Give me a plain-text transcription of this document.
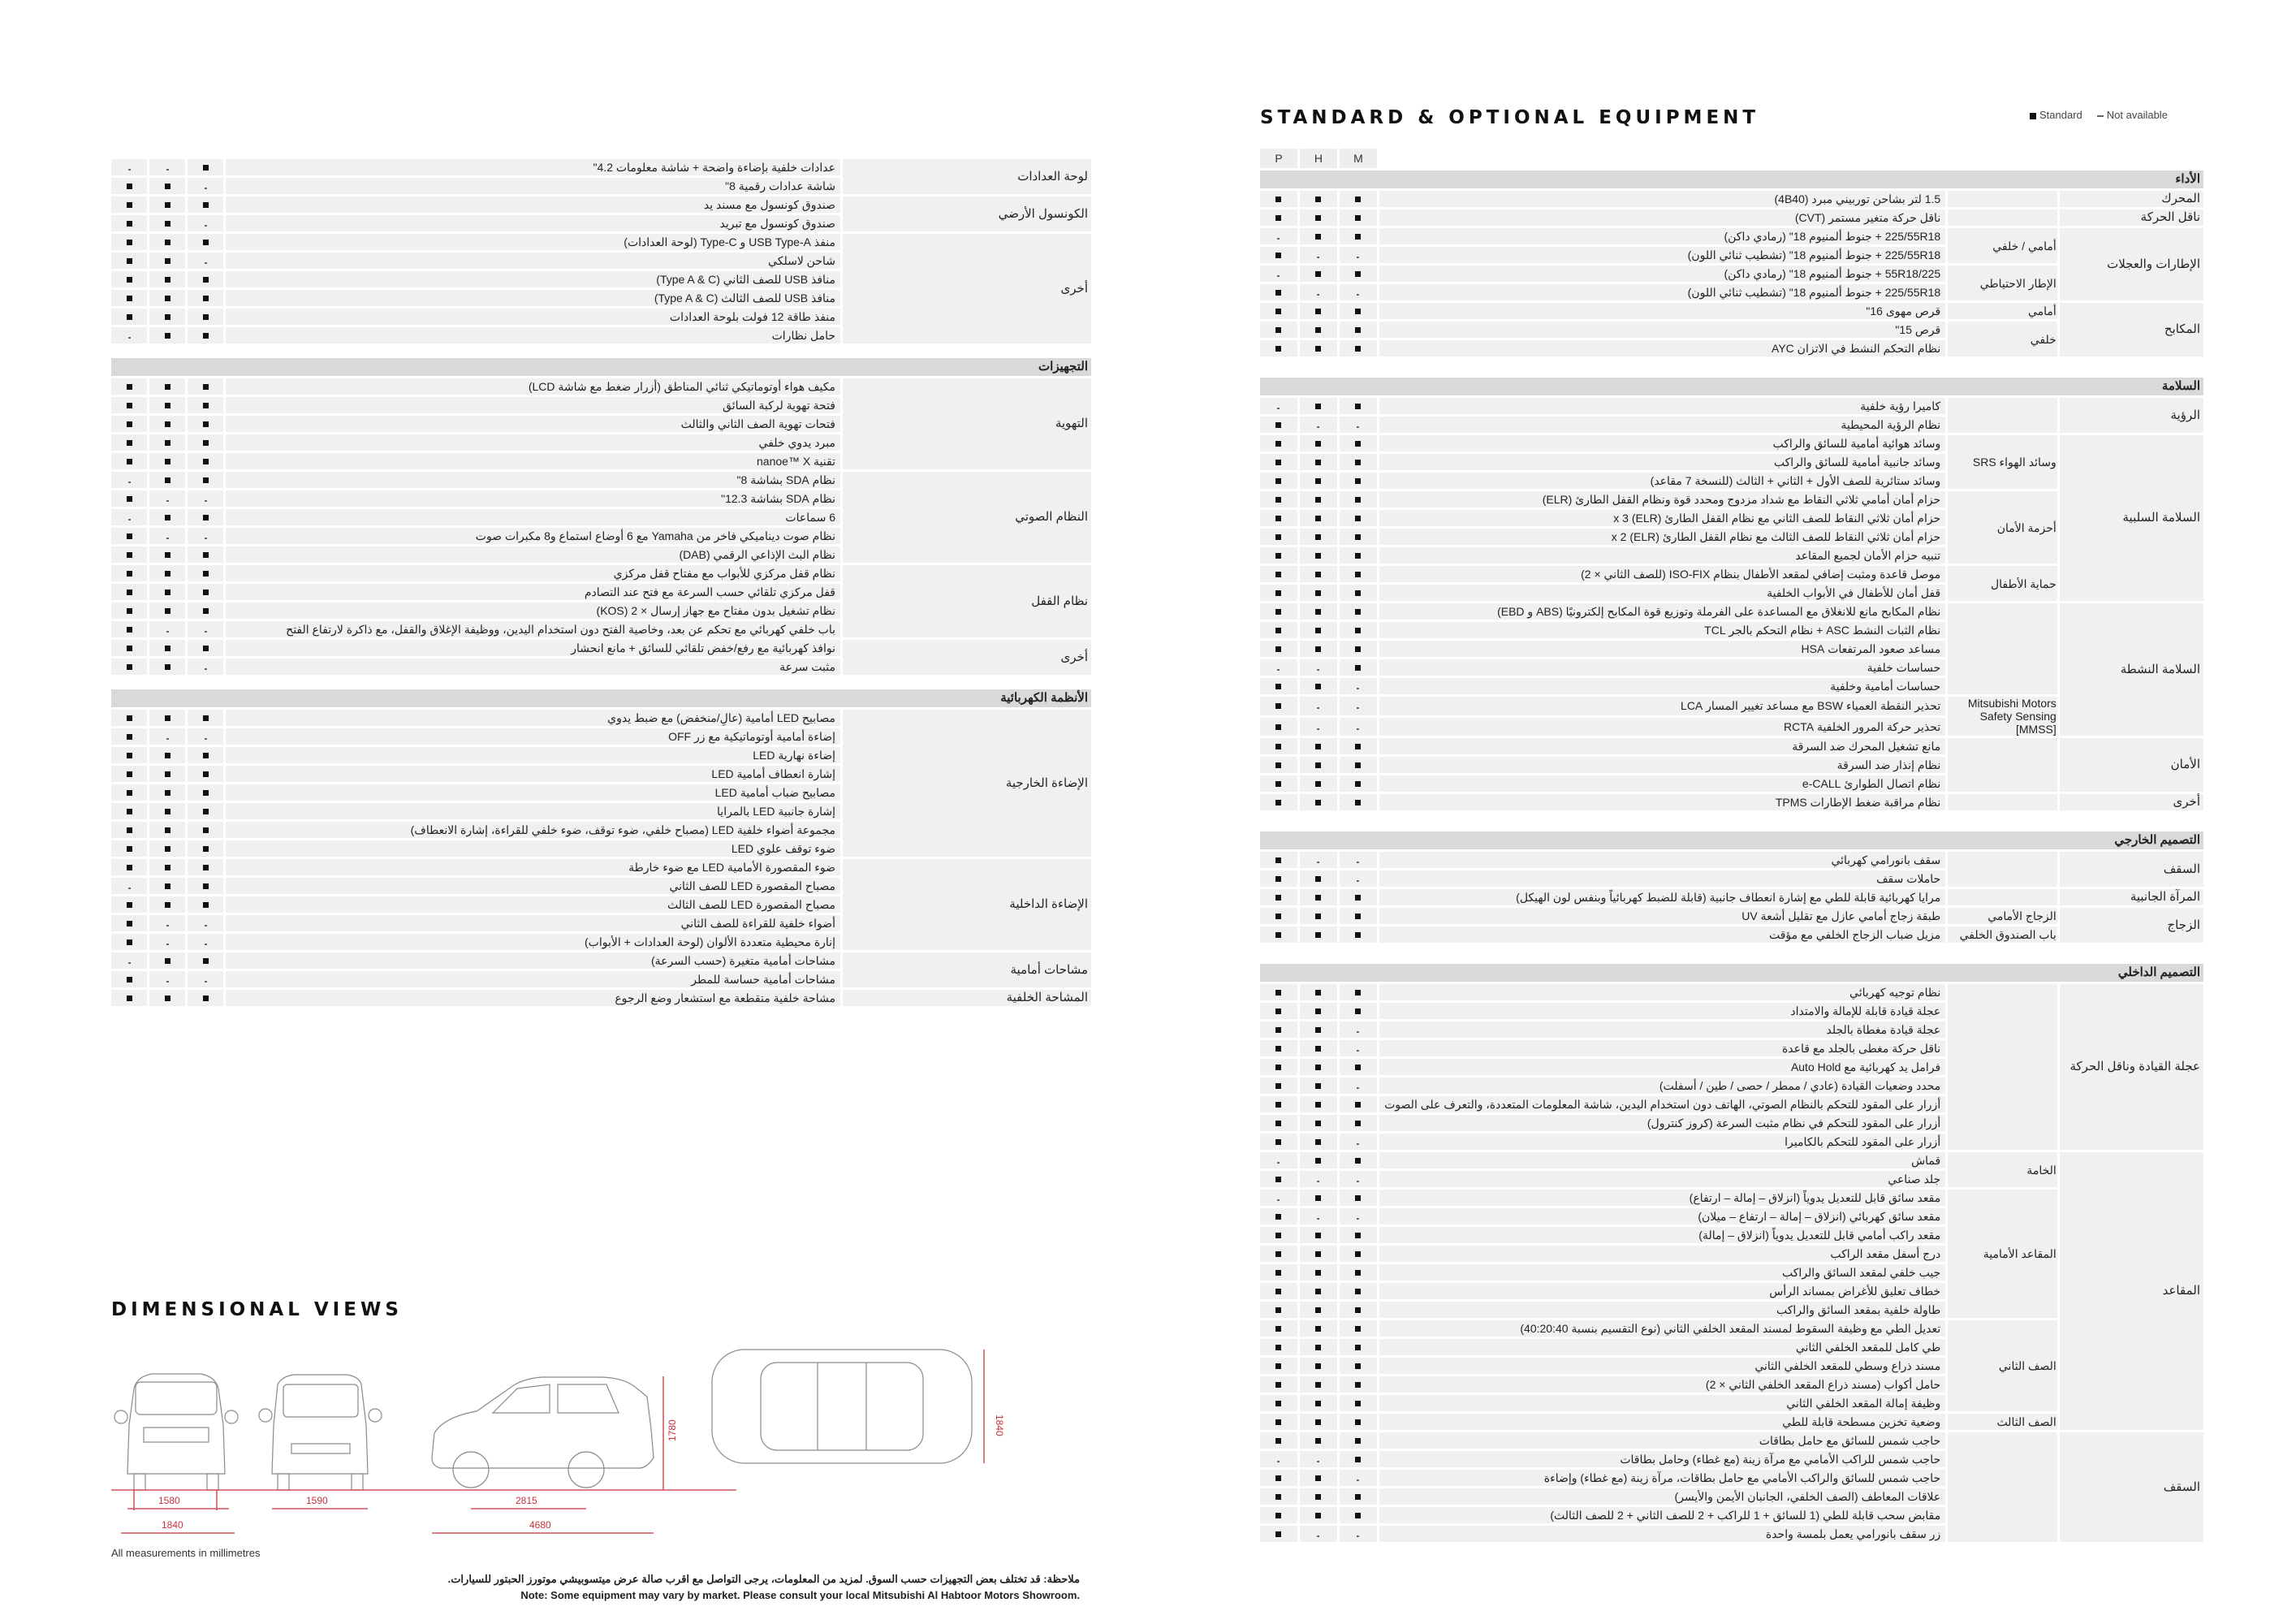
STANDARD & OPTIONAL EQUIPMENT	Standard	Not available
			عدادات خلفية بإضاءة واضحة + شاشة معلومات 4.2"	لوحة العدادات
			شاشة عدادات رقمية 8"	
			صندوق كونسول مع مسند يد	الكونسول الأرضي
			صندوق كونسول مع تبريد	
			منفذ USB Type-A و Type-C (لوحة العدادات)	أخرى
			شاحن لاسلكي	
			منافذ USB للصف الثاني (Type A & C)	
			منافذ USB للصف الثالث (Type A & C)	
			منفذ طاقة 12 فولت بلوحة العدادات	
			حامل نظارات	

التجهيزات				
			مكيف هواء أوتوماتيكي ثنائي المناطق (أزرار ضغط مع شاشة LCD)	التهوية
			فتحة تهوية لركبة السائق	
			فتحات تهوية الصف الثاني والثالث	
			مبرد يدوي خلفي	
			تقنية nanoe™ X	
			نظام SDA بشاشة 8"	النظام الصوتي
			نظام SDA بشاشة 12.3"	
			6 سماعات	
			نظام صوت ديناميكي فاخر من Yamaha مع 6 أوضاع استماع و8 مكبرات صوت	
			نظام البث الإذاعي الرقمي (DAB)	
			نظام قفل مركزي للأبواب مع مفتاح قفل مركزي	نظام القفل
			قفل مركزي تلقائي حسب السرعة مع فتح عند التصادم	
			نظام تشغيل بدون مفتاح مع جهاز إرسال × 2 (KOS)	
			باب خلفي كهربائي مع تحكم عن بعد، وخاصية الفتح دون استخدام اليدين، ووظيفة الإغلاق والقفل، مع ذاكرة لارتفاع الفتح	
			نوافذ كهربائية مع رفع/خفض تلقائي للسائق + مانع انحشار	أخرى
			مثبت سرعة	

الأنظمة الكهربائية				
			مصابيح LED أمامية (عالٍ/منخفض) مع ضبط يدوي	الإضاءة الخارجية
			إضاءة أمامية أوتوماتيكية مع زر OFF	
			إضاءة نهارية LED	
			إشارة انعطاف أمامية LED	
			مصابيح ضباب أمامية LED	
			إشارة جانبية LED بالمرايا	
			مجموعة أضواء خلفية LED (مصباح خلفي، ضوء توقف، ضوء خلفي للقراءة، إشارة الانعطاف)	
			ضوء توقف علوي LED	
			ضوء المقصورة الأمامية LED مع ضوء خارطة	الإضاءة الداخلية
			مصباح المقصورة LED للصف الثاني	
			مصباح المقصورة LED للصف الثالث	
			أضواء خلفية للقراءة للصف الثاني	
			إنارة محيطية متعددة الألوان (لوحة العدادات + الأبواب)	
			مشاحات أمامية متغيرة (حسب السرعة)	مشاحات أمامية
			مشاحات أمامية حساسة للمطر	
			مشاحة خلفية متقطعة مع استشعار وضع الرجوع	المشاحة الخلفية
P	H	M			
الأداء					
			1.5 لتر بشاحن توربيني مبرد (4B40)		المحرك
			ناقل حركة متغير مستمر (CVT)		ناقل الحركة
			225/55R18 + جنوط ألمنيوم 18" (رمادي داكن)	أمامي / خلفي	الإطارات والعجلات
			225/55R18 + جنوط ألمنيوم 18" (تشطيب ثنائي اللون)		
			55R18/225 + جنوط ألمنيوم 18" (رمادي داكن)	الإطار الاحتياطي	
			225/55R18 + جنوط ألمنيوم 18" (تشطيب ثنائي اللون)		
			قرص مهوى 16"	أمامي	المكابح
			قرص 15"	خلفي	
			نظام التحكم النشط في الاتزان AYC		

السلامة					
			كاميرا رؤية خلفية		الرؤية
			نظام الرؤية المحيطية		
			وسائد هوائية أمامية للسائق والراكب	وسائد الهواء SRS	السلامة السلبية
			وسائد جانبية أمامية للسائق والراكب		
			وسائد ستائرية للصف الأول + الثاني + الثالث (للنسخة 7 مقاعد)		
			حزام أمان أمامي ثلاثي النقاط مع شداد مزدوج ومحدد قوة ونظام القفل الطارئ (ELR)	أحزمة الأمان	
			حزام أمان ثلاثي النقاط للصف الثاني مع نظام القفل الطارئ (ELR) x 3		
			حزام أمان ثلاثي النقاط للصف الثالث مع نظام القفل الطارئ (ELR) x 2		
			تنبيه حزام الأمان لجميع المقاعد		
			موصل قاعدة ومثبت إضافي لمقعد الأطفال بنظام ISO-FIX (للصف الثاني × 2)	حماية الأطفال	
			قفل أمان للأطفال في الأبواب الخلفية		
			نظام المكابح مانع للانغلاق مع المساعدة على الفرملة وتوزيع قوة المكابح إلكترونيًا (ABS و EBD)		السلامة النشطة
			نظام الثبات النشط ASC + نظام التحكم بالجر TCL		
			مساعد صعود المرتفعات HSA		
			حساسات خلفية		
			حساسات أمامية وخلفية		
			تحذير النقطة العمياء BSW مع مساعد تغيير المسار LCA	Mitsubishi Motors Safety Sensing [MMSS]	
			تحذير حركة المرور الخلفية RCTA		
			مانع تشغيل المحرك ضد السرقة		الأمان
			نظام إنذار ضد السرقة		
			نظام اتصال الطوارئ e-CALL		
			نظام مراقبة ضغط الإطارات TPMS		أخرى

التصميم الخارجي					
			سقف بانورامي كهربائي		السقف
			حاملات سقف		
			مرايا كهربائية قابلة للطي مع إشارة انعطاف جانبية (قابلة للضبط كهربائياً وبنفس لون الهيكل)		المرآة الجانبية
			طبقة زجاج أمامي عازل مع تقليل أشعة UV	الزجاج الأمامي	الزجاج
			مزيل ضباب الزجاج الخلفي مع مؤقت	باب الصندوق الخلفي	

التصميم الداخلي					
			نظام توجيه كهربائي		عجلة القيادة وناقل الحركة
			عجلة قيادة قابلة للإمالة والامتداد		
			عجلة قيادة مغطاة بالجلد		
			ناقل حركة مغطى بالجلد مع قاعدة		
			فرامل يد كهربائية مع Auto Hold		
			محدد وضعيات القيادة (عادي / ممطر / حصى / طين / أسفلت)		
			أزرار على المقود للتحكم بالنظام الصوتي، الهاتف دون استخدام اليدين، شاشة المعلومات المتعددة، والتعرف على الصوت		
			أزرار على المقود للتحكم في نظام مثبت السرعة (كروز كنترول)		
			أزرار على المقود للتحكم بالكاميرا		
			قماش	الخامة	المقاعد
			جلد صناعي		
			مقعد سائق قابل للتعديل يدوياً (انزلاق – إمالة – ارتفاع)	المقاعد الأمامية	
			مقعد سائق كهربائي (انزلاق – إمالة – ارتفاع – ميلان)		
			مقعد راكب أمامي قابل للتعديل يدوياً (انزلاق – إمالة)		
			درج أسفل مقعد الراكب		
			جيب خلفي لمقعد السائق والراكب		
			خطاف تعليق للأغراض بمساند الرأس		
			طاولة خلفية بمقعد السائق والراكب		
			تعديل الطي مع وظيفة السقوط لمسند المقعد الخلفي الثاني (نوع التقسيم بنسبة 40:20:40)	الصف الثاني	
			طي كامل للمقعد الخلفي الثاني		
			مسند ذراع وسطي للمقعد الخلفي الثاني		
			حامل أكواب (مسند ذراع المقعد الخلفي الثاني × 2)		
			وظيفة إمالة المقعد الخلفي الثاني		
			وضعية تخزين مسطحة قابلة للطي	الصف الثالث	
			حاجب شمس للسائق مع حامل بطاقات		السقف
			حاجب شمس للراكب الأمامي مع مرآة زينة (مع غطاء) وحامل بطاقات		
			حاجب شمس للسائق والراكب الأمامي مع حامل بطاقات، مرآة زينة (مع غطاء) وإضاءة		
			علاقات المعاطف (الصف الخلفي، الجانبان الأيمن والأيسر)		
			مقابض سحب قابلة للطي (1 للسائق + 1 للراكب + 2 للصف الثاني + 2 للصف الثالث)		
			زر سقف بانورامي يعمل بلمسة واحدة		
DIMENSIONAL VIEWS
1580	1590
1840
2815
4680
1780	1840
All measurements in millimetres
ملاحظة: قد تختلف بعض التجهيزات حسب السوق. لمزيد من المعلومات، يرجى التواصل مع اقرب صالة عرض ميتسوبيشي موتورز الحبتور للسيارات.
Note: Some equipment may vary by market. Please consult your local Mitsubishi Al Habtoor Motors Showroom.
